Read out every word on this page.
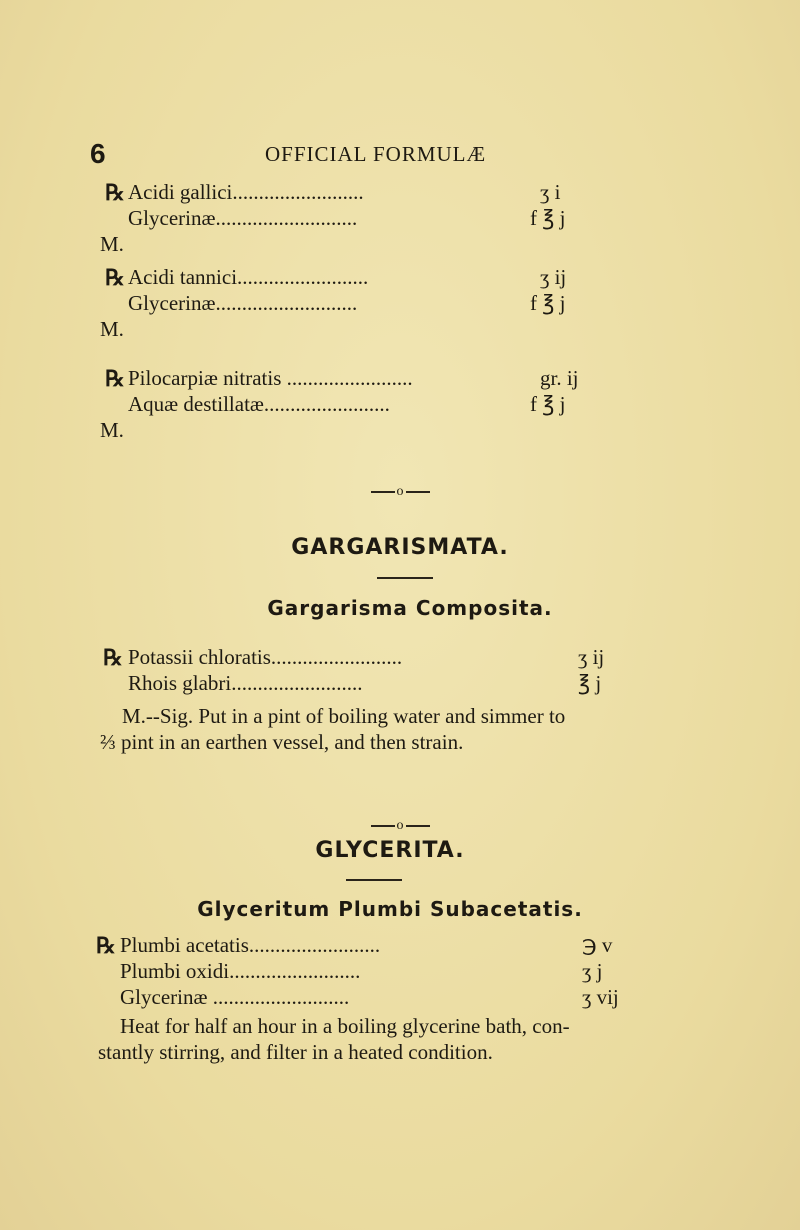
6	OFFICIAL FORMULÆ
℞ Acidi gallici.........................	ʒ i
Glycerinæ...........................	f ℥ j
M.
℞ Acidi tannici.........................	ʒ ij
Glycerinæ...........................	f ℥ j
M.
℞ Pilocarpiæ nitratis ........................	gr. ij
Aquæ destillatæ........................	f ℥ j
M.
o
GARGARISMATA.
Gargarisma Composita.
℞ Potassii chloratis.........................	ʒ ij
Rhois glabri.........................	℥ j
M.--Sig. Put in a pint of boiling water and simmer to
⅔ pint in an earthen vessel, and then strain.
o
GLYCERITA.
Glyceritum Plumbi Subacetatis.
℞ Plumbi acetatis.........................	℈ v
Plumbi oxidi.........................	ʒ j
Glycerinæ ..........................	ʒ vij
Heat for half an hour in a boiling glycerine bath, con-
stantly stirring, and filter in a heated condition.
